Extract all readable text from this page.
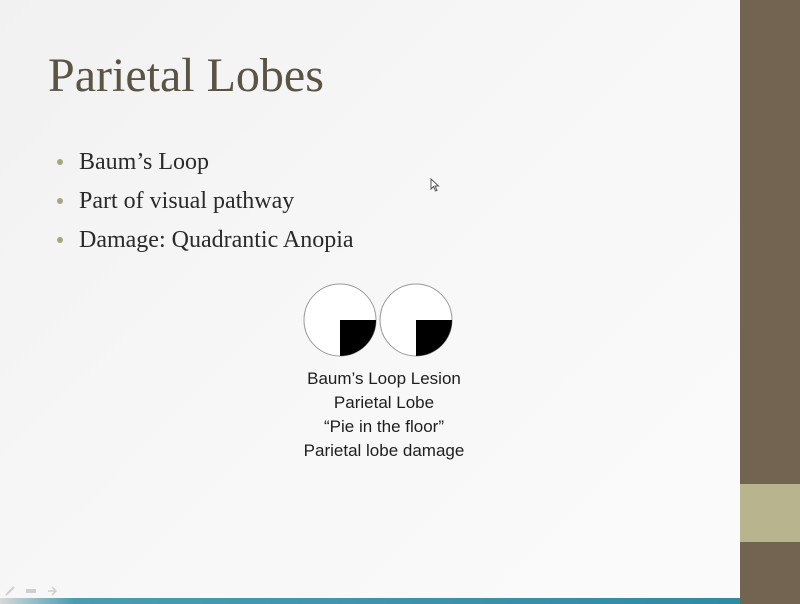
Parietal Lobes
Baum’s Loop
Part of visual pathway
Damage: Quadrantic Anopia
Baum’s Loop Lesion
Parietal Lobe
“Pie in the floor”
Parietal lobe damage
